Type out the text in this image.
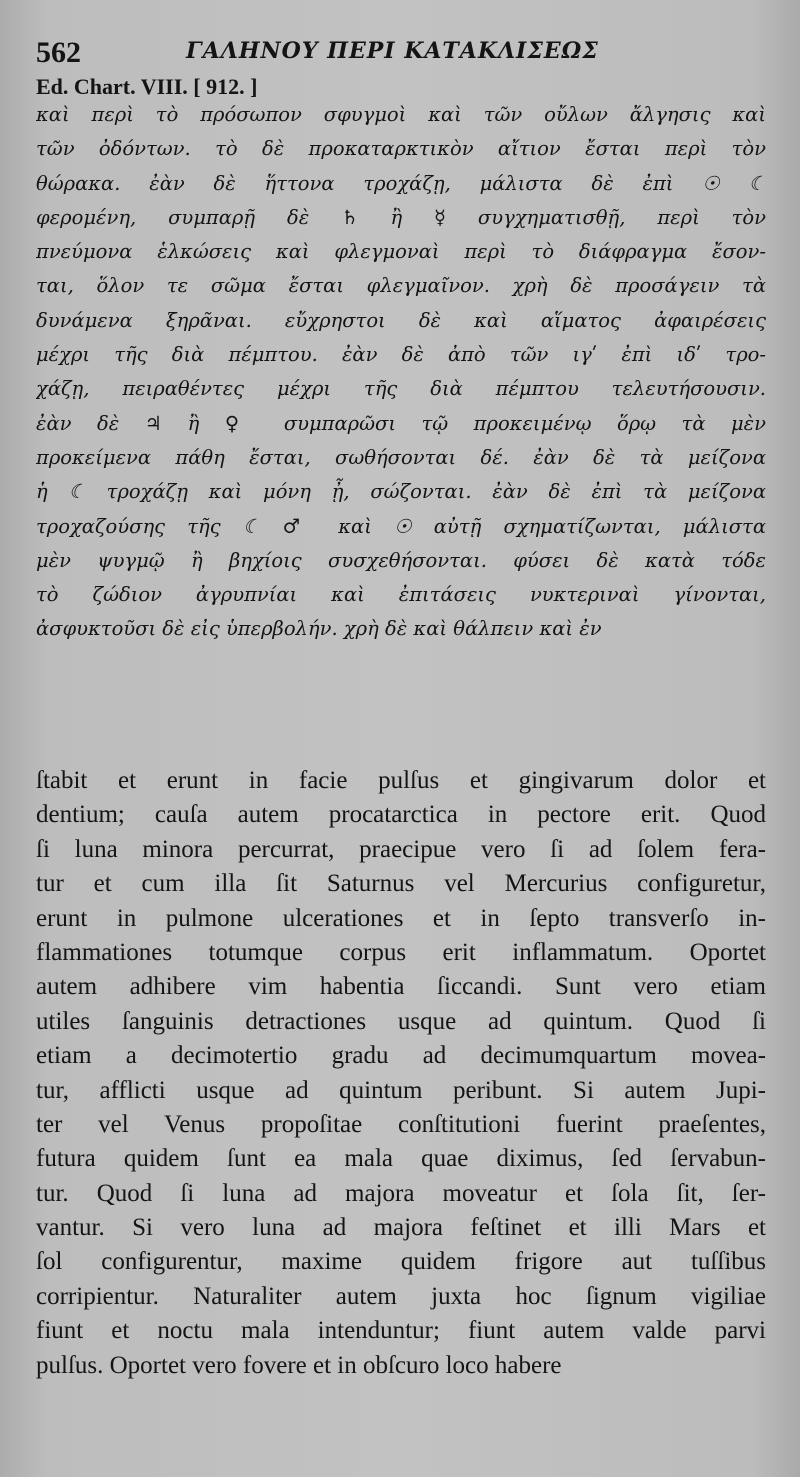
562	ΓΑΛΗΝΟΥ ΠΕΡΙ ΚΑΤΑΚΛΙΣΕΩΣ
Ed. Chart. VIII. [ 912. ]
καὶ περὶ τὸ πρόσωπον σφυγμοὶ καὶ τῶν οὔλων ἄλγησις καὶ
τῶν ὀδόντων. τὸ δὲ προκαταρκτικὸν αἴτιον ἔσται περὶ τὸν
θώρακα. ἐὰν δὲ ἥττονα τροχάζῃ, μάλιστα δὲ ἐπὶ ☉ ☾
φερομένη, συμπαρῇ δὲ ♄ ἢ ☿ συγχηματισθῇ, περὶ τὸν
πνεύμονα ἑλκώσεις καὶ φλεγμοναὶ περὶ τὸ διάφραγμα ἔσον-
ται, ὅλον τε σῶμα ἔσται φλεγμαῖνον. χρὴ δὲ προσάγειν τὰ
δυνάμενα ξηρᾶναι. εὔχρηστοι δὲ καὶ αἵματος ἀφαιρέσεις
μέχρι τῆς διὰ πέμπτου. ἐὰν δὲ ἀπὸ τῶν ιγʹ ἐπὶ ιδʹ τρο-
χάζῃ, πειραθέντες μέχρι τῆς διὰ πέμπτου τελευτήσουσιν.
ἐὰν δὲ ♃ ἢ ♀ συμπαρῶσι τῷ προκειμένῳ ὅρῳ τὰ μὲν
προκείμενα πάθη ἔσται, σωθήσονται δέ. ἐὰν δὲ τὰ μείζονα
ἡ ☾ τροχάζῃ καὶ μόνη ᾖ, σώζονται. ἐὰν δὲ ἐπὶ τὰ μείζονα
τροχαζούσης τῆς ☾ ♂ καὶ ☉ αὐτῇ σχηματίζωνται, μάλιστα
μὲν ψυγμῷ ἢ βηχίοις συσχεθήσονται. φύσει δὲ κατὰ τόδε
τὸ ζώδιον ἀγρυπνίαι καὶ ἐπιτάσεις νυκτεριναὶ γίνονται,
ἀσφυκτοῦσι δὲ εἰς ὑπερβολήν. χρὴ δὲ καὶ θάλπειν καὶ ἐν
ſtabit et erunt in facie pulſus et gingivarum dolor et
dentium; cauſa autem procatarctica in pectore erit. Quod
ſi luna minora percurrat, praecipue vero ſi ad ſolem fera-
tur et cum illa ſit Saturnus vel Mercurius configuretur,
erunt in pulmone ulcerationes et in ſepto transverſo in-
flammationes totumque corpus erit inflammatum. Oportet
autem adhibere vim habentia ſiccandi. Sunt vero etiam
utiles ſanguinis detractiones usque ad quintum. Quod ſi
etiam a decimotertio gradu ad decimumquartum movea-
tur, afflicti usque ad quintum peribunt. Si autem Jupi-
ter vel Venus propoſitae conſtitutioni fuerint praeſentes,
futura quidem ſunt ea mala quae diximus, ſed ſervabun-
tur. Quod ſi luna ad majora moveatur et ſola ſit, ſer-
vantur. Si vero luna ad majora feſtinet et illi Mars et
ſol configurentur, maxime quidem frigore aut tuſſibus
corripientur. Naturaliter autem juxta hoc ſignum vigiliae
fiunt et noctu mala intenduntur; fiunt autem valde parvi
pulſus. Oportet vero fovere et in obſcuro loco habere
